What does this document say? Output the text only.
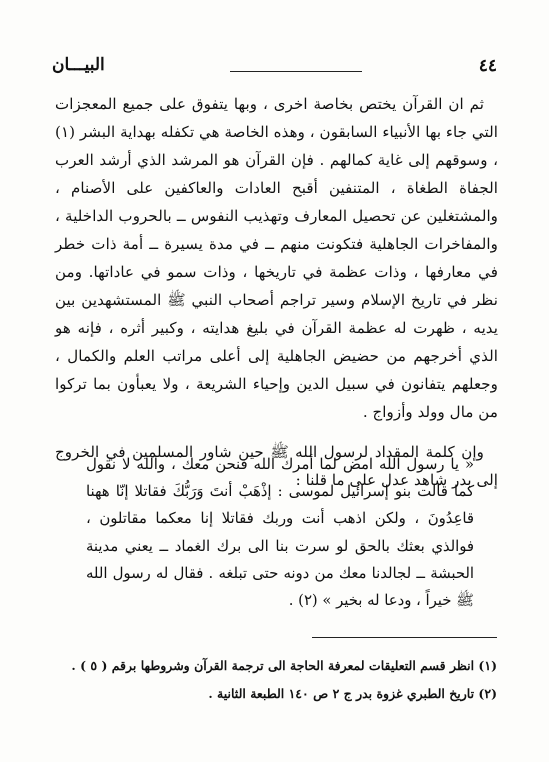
٤٤
البيـــان

ثم ان القرآن يختص بخاصة اخرى ، وبها يتفوق على جميع المعجزات التي جاء بها الأنبياء السابقون ، وهذه الخاصة هي تكفله بهداية البشر (١) ، وسوقهم إلى غاية كمالهم . فإن القرآن هو المرشد الذي أرشد العرب الجفاة الطغاة ، المتنفين أقبح العادات والعاكفين على الأصنام ، والمشتغلين عن تحصيل المعارف وتهذيب النفوس ــ بالحروب الداخلية ، والمفاخرات الجاهلية فتكونت منهم ــ في مدة يسيرة ــ أمة ذات خطر في معارفها ، وذات عظمة في تاريخها ، وذات سمو في عاداتها. ومن نظر في تاريخ الإسلام وسير تراجم أصحاب النبي ﷺ المستشهدين بين يديه ، ظهرت له عظمة القرآن في بليغ هدايته ، وكبير أثره ، فإنه هو الذي أخرجهم من حضيض الجاهلية إلى أعلى مراتب العلم والكمال ، وجعلهم يتفانون في سبيل الدين وإحياء الشريعة ، ولا يعبأون بما تركوا من مال وولد وأزواج .

وإن كلمة المقداد لرسول الله ﷺ حين شاور المسلمين في الخروج إلى بدر شاهد عدل على ما قلنا :

« يا رسول الله امض لما أمرك الله فنحن معك ، والله لا نقول كما قالت بنو إسرائيل لموسى : إذْهَبْ أنتَ وَرَبُّكَ فقاتلا إنّا ههنا قاعِدُونَ ، ولكن اذهب أنت وربك فقاتلا إنا معكما مقاتلون ، فوالذي بعثك بالحق لو سرت بنا الى برك الغماد ــ يعني مدينة الحبشة ــ لجالدنا معك من دونه حتى تبلغه . فقال له رسول الله ﷺ خيراً ، ودعا له بخير » (٢) .

(١) انظر قسم التعليقات لمعرفة الحاجة الى ترجمة القرآن وشروطها برقم ( ٥ ) .

(٢) تاريخ الطبري غزوة بدر ج ٢ ص ١٤٠ الطبعة الثانية .
